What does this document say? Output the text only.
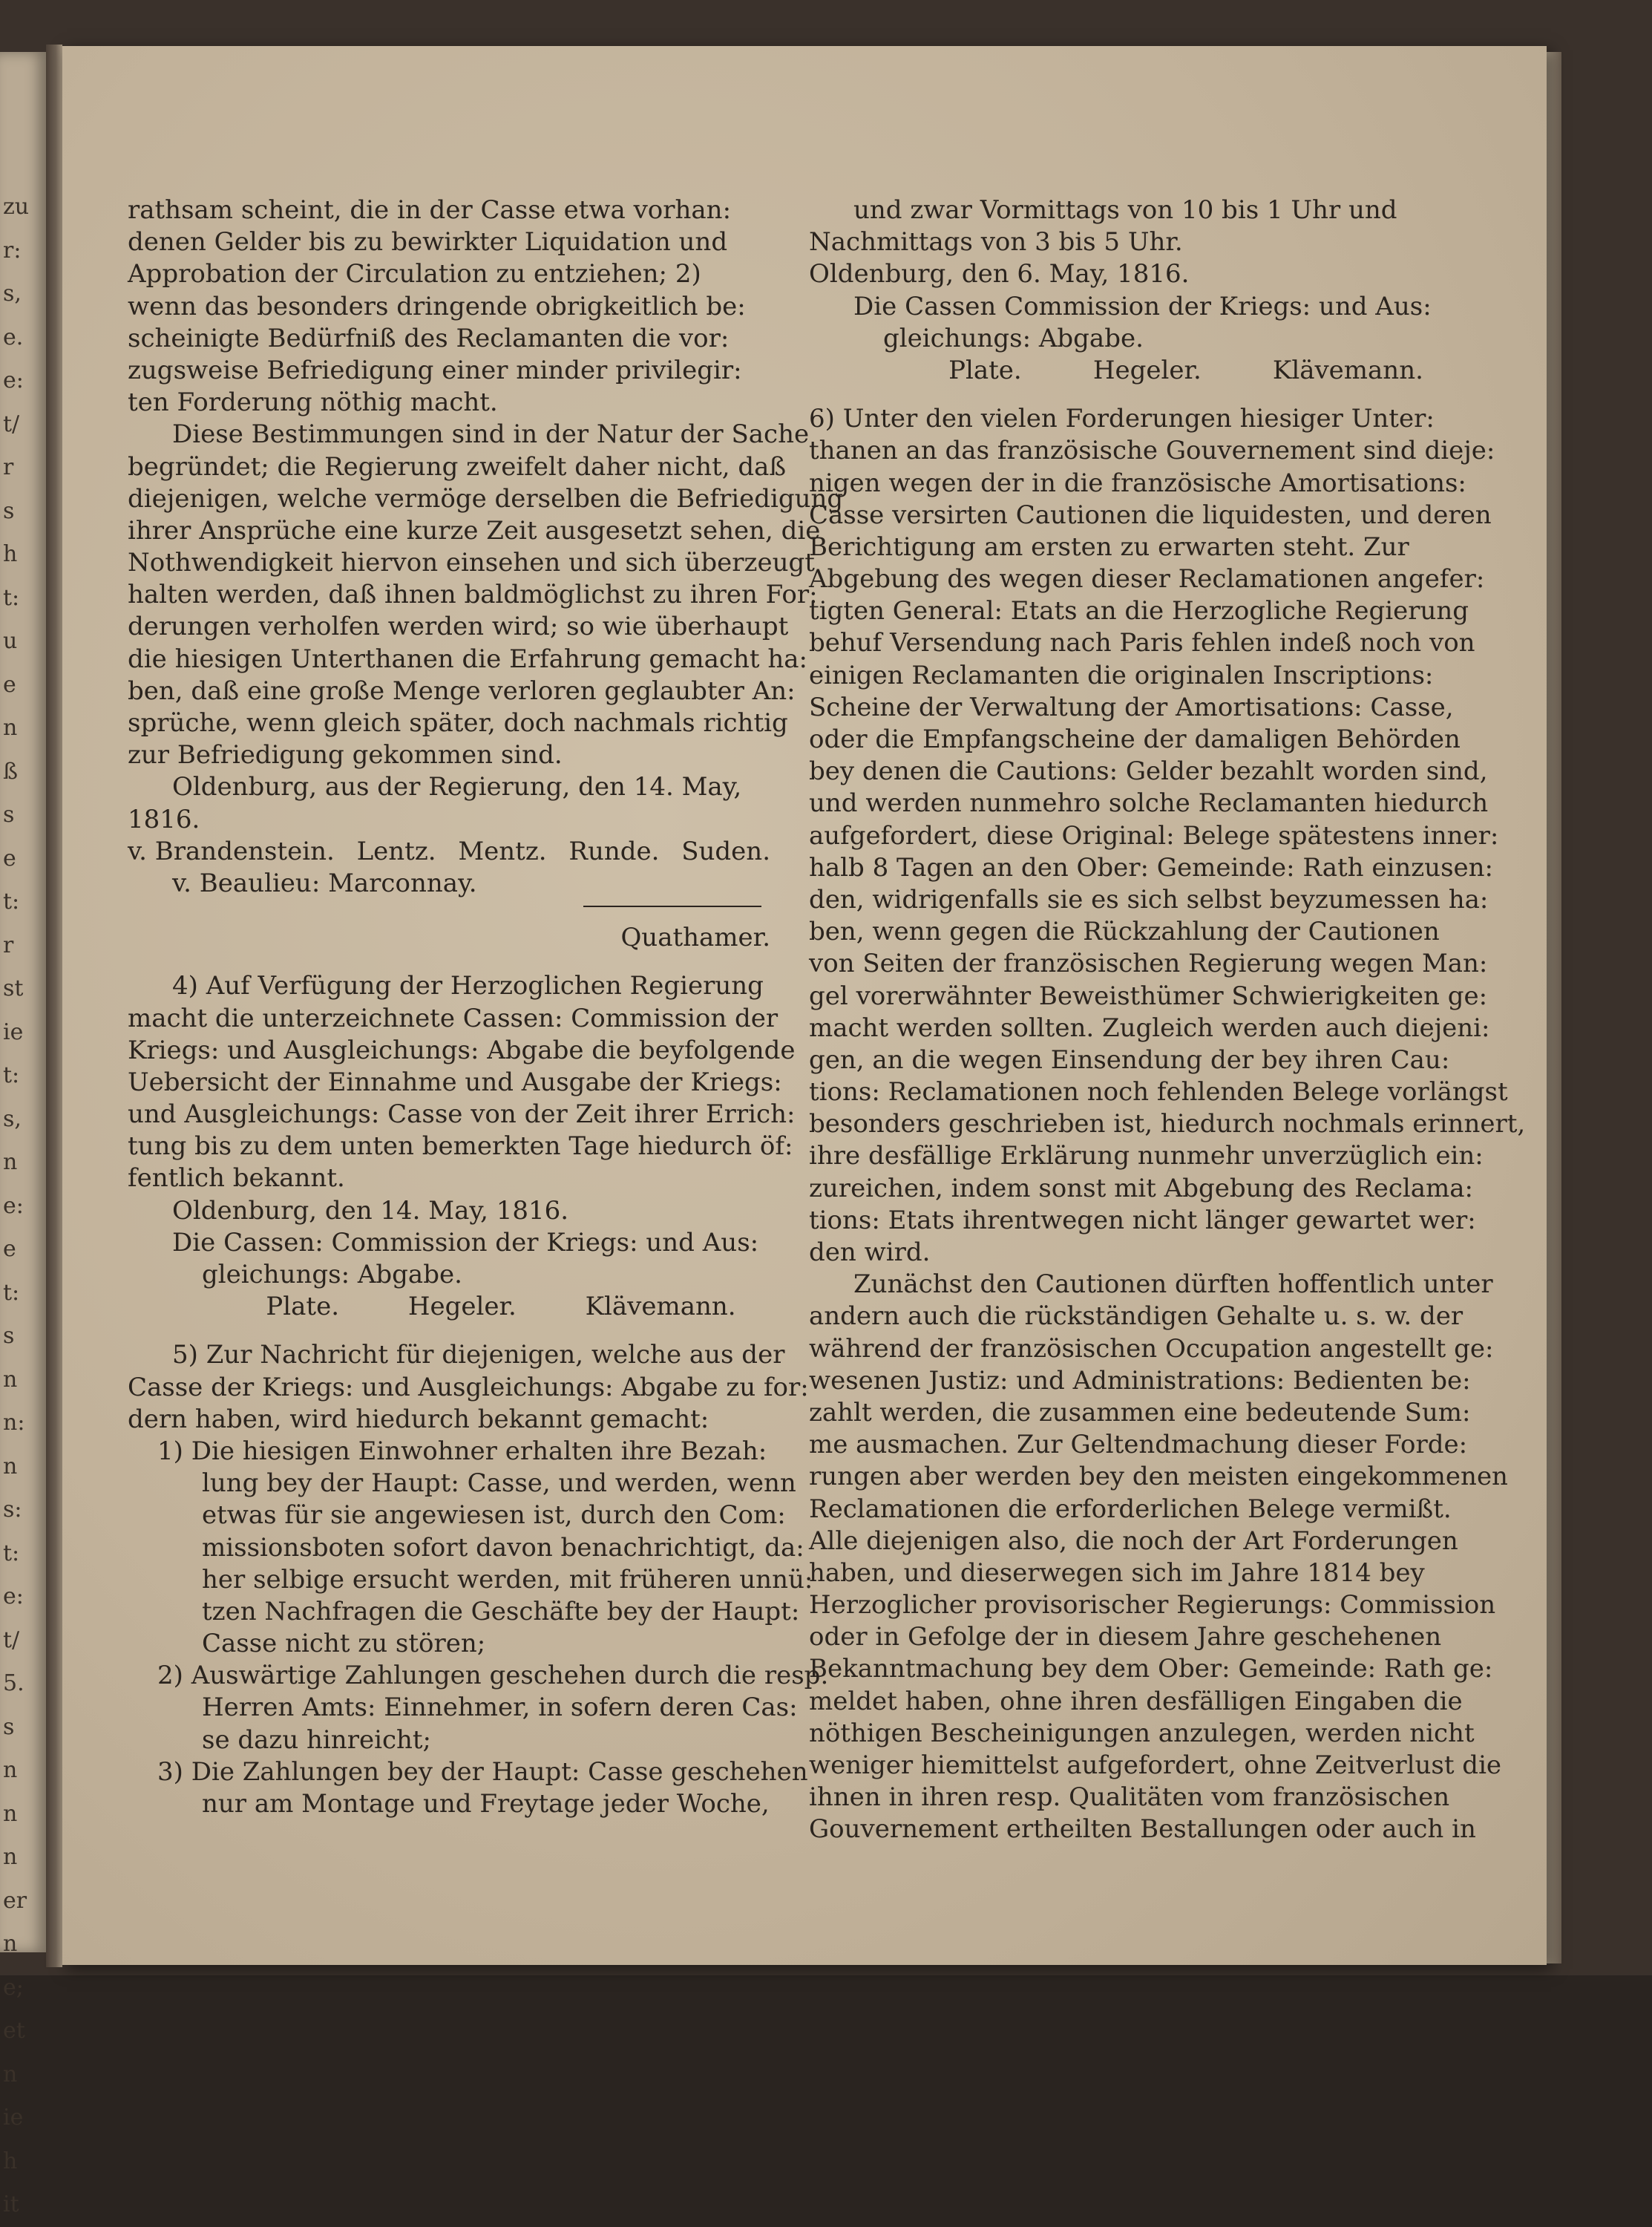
zu
r:
s,
e.
e:
t/
r
s
h
t:
u
e
n
ß
s
e
t:
r
st
ie
t:
s,
n
e:
e
t:
s
n
n:
n
s:
t:
e:
t/
5.
s
n
n
n
er
n
e;
et
n
ie
h
it
rathsam scheint, die in der Casse etwa vorhan:
denen Gelder bis zu bewirkter Liquidation und
Approbation der Circulation zu entziehen; 2)
wenn das besonders dringende obrigkeitlich be:
scheinigte Bedürfniß des Reclamanten die vor:
zugsweise Befriedigung einer minder privilegir:
ten Forderung nöthig macht.
Diese Bestimmungen sind in der Natur der Sache
begründet; die Regierung zweifelt daher nicht, daß
diejenigen, welche vermöge derselben die Befriedigung
ihrer Ansprüche eine kurze Zeit ausgesetzt sehen, die
Nothwendigkeit hiervon einsehen und sich überzeugt
halten werden, daß ihnen baldmöglichst zu ihren For:
derungen verholfen werden wird; so wie überhaupt
die hiesigen Unterthanen die Erfahrung gemacht ha:
ben, daß eine große Menge verloren geglaubter An:
sprüche, wenn gleich später, doch nachmals richtig
zur Befriedigung gekommen sind.
Oldenburg, aus der Regierung, den 14. May,
1816.
v. Brandenstein. Lentz. Mentz. Runde. Suden.
v. Beaulieu: Marconnay.
Quathamer.
4) Auf Verfügung der Herzoglichen Regierung
macht die unterzeichnete Cassen: Commission der
Kriegs: und Ausgleichungs: Abgabe die beyfolgende
Uebersicht der Einnahme und Ausgabe der Kriegs:
und Ausgleichungs: Casse von der Zeit ihrer Errich:
tung bis zu dem unten bemerkten Tage hiedurch öf:
fentlich bekannt.
Oldenburg, den 14. May, 1816.
Die Cassen: Commission der Kriegs: und Aus:
gleichungs: Abgabe.
Plate.	Hegeler.	Klävemann.
5) Zur Nachricht für diejenigen, welche aus der
Casse der Kriegs: und Ausgleichungs: Abgabe zu for:
dern haben, wird hiedurch bekannt gemacht:
1) Die hiesigen Einwohner erhalten ihre Bezah:
lung bey der Haupt: Casse, und werden, wenn
etwas für sie angewiesen ist, durch den Com:
missionsboten sofort davon benachrichtigt, da:
her selbige ersucht werden, mit früheren unnü:
tzen Nachfragen die Geschäfte bey der Haupt:
Casse nicht zu stören;
2) Auswärtige Zahlungen geschehen durch die resp.
Herren Amts: Einnehmer, in sofern deren Cas:
se dazu hinreicht;
3) Die Zahlungen bey der Haupt: Casse geschehen
nur am Montage und Freytage jeder Woche,
und zwar Vormittags von 10 bis 1 Uhr und
Nachmittags von 3 bis 5 Uhr.
Oldenburg, den 6. May, 1816.
Die Cassen Commission der Kriegs: und Aus:
gleichungs: Abgabe.
Plate.	Hegeler.	Klävemann.
6) Unter den vielen Forderungen hiesiger Unter:
thanen an das französische Gouvernement sind dieje:
nigen wegen der in die französische Amortisations:
Casse versirten Cautionen die liquidesten, und deren
Berichtigung am ersten zu erwarten steht. Zur
Abgebung des wegen dieser Reclamationen angefer:
tigten General: Etats an die Herzogliche Regierung
behuf Versendung nach Paris fehlen indeß noch von
einigen Reclamanten die originalen Inscriptions:
Scheine der Verwaltung der Amortisations: Casse,
oder die Empfangscheine der damaligen Behörden
bey denen die Cautions: Gelder bezahlt worden sind,
und werden nunmehro solche Reclamanten hiedurch
aufgefordert, diese Original: Belege spätestens inner:
halb 8 Tagen an den Ober: Gemeinde: Rath einzusen:
den, widrigenfalls sie es sich selbst beyzumessen ha:
ben, wenn gegen die Rückzahlung der Cautionen
von Seiten der französischen Regierung wegen Man:
gel vorerwähnter Beweisthümer Schwierigkeiten ge:
macht werden sollten. Zugleich werden auch diejeni:
gen, an die wegen Einsendung der bey ihren Cau:
tions: Reclamationen noch fehlenden Belege vorlängst
besonders geschrieben ist, hiedurch nochmals erinnert,
ihre desfällige Erklärung nunmehr unverzüglich ein:
zureichen, indem sonst mit Abgebung des Reclama:
tions: Etats ihrentwegen nicht länger gewartet wer:
den wird.
Zunächst den Cautionen dürften hoffentlich unter
andern auch die rückständigen Gehalte u. s. w. der
während der französischen Occupation angestellt ge:
wesenen Justiz: und Administrations: Bedienten be:
zahlt werden, die zusammen eine bedeutende Sum:
me ausmachen. Zur Geltendmachung dieser Forde:
rungen aber werden bey den meisten eingekommenen
Reclamationen die erforderlichen Belege vermißt.
Alle diejenigen also, die noch der Art Forderungen
haben, und dieserwegen sich im Jahre 1814 bey
Herzoglicher provisorischer Regierungs: Commission
oder in Gefolge der in diesem Jahre geschehenen
Bekanntmachung bey dem Ober: Gemeinde: Rath ge:
meldet haben, ohne ihren desfälligen Eingaben die
nöthigen Bescheinigungen anzulegen, werden nicht
weniger hiemittelst aufgefordert, ohne Zeitverlust die
ihnen in ihren resp. Qualitäten vom französischen
Gouvernement ertheilten Bestallungen oder auch in
